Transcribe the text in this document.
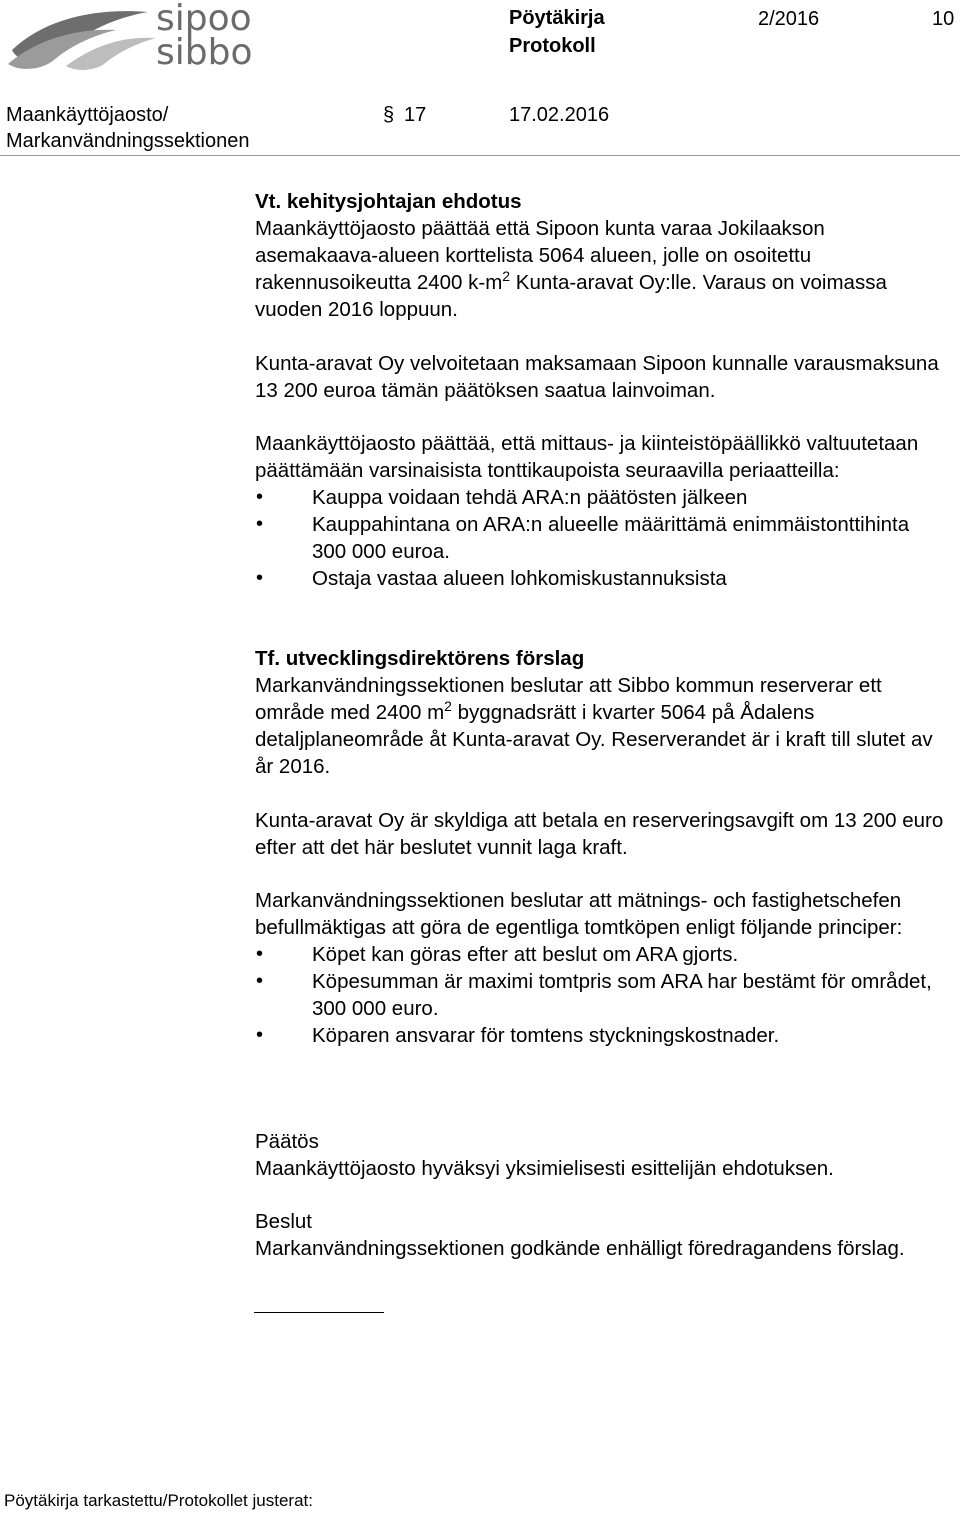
sipoo
sibbo
Pöytäkirja
Protokoll
2/2016	10
Maankäyttöjaosto/
Markanvändningssektionen
§ 17	17.02.2016

Vt. kehitysjohtajan ehdotus

Maankäyttöjaosto päättää että Sipoon kunta varaa Jokilaakson asemakaava-alueen korttelista 5064 alueen, jolle on osoitettu rakennusoikeutta 2400 $k-m^2$ Kunta-aravat Oy:lle. Varaus on voimassa vuoden 2016 loppuun.

Kunta-aravat Oy velvoitetaan maksamaan Sipoon kunnalle varausmaksuna 13 200 euroa tämän päätöksen saatua lainvoiman.

Maankäyttöjaosto päättää, että mittaus- ja kiinteistöpäällikkö valtuutetaan päättämään varsinaisista tonttikaupoista seuraavilla periaatteilla:

• Kauppa voidaan tehdä ARA:n päätösten jälkeen
• Kauppahintana on ARA:n alueelle määrittämä enimmäistonttihinta 300 000 euroa.
• Ostaja vastaa alueen lohkomiskustannuksista

Tf. utvecklingsdirektörens förslag

Markanvändningssektionen beslutar att Sibbo kommun reserverar ett område med 2400 $m^2$ byggnadsrätt i kvarter 5064 på Ådalens detaljplaneområde åt Kunta-aravat Oy. Reserverandet är i kraft till slutet av år 2016.

Kunta-aravat Oy är skyldiga att betala en reserveringsavgift om 13 200 euro efter att det här beslutet vunnit laga kraft.

Markanvändningssektionen beslutar att mätnings- och fastighetschefen befullmäktigas att göra de egentliga tomtköpen enligt följande principer:

• Köpet kan göras efter att beslut om ARA gjorts.
• Köpesumman är maximi tomtpris som ARA har bestämt för området, 300 000 euro.
• Köparen ansvarar för tomtens styckningskostnader.

Päätös

Maankäyttöjaosto hyväksyi yksimielisesti esittelijän ehdotuksen.

Beslut

Markanvändningssektionen godkände enhälligt föredragandens förslag.

Pöytäkirja tarkastettu/Protokollet justerat:
